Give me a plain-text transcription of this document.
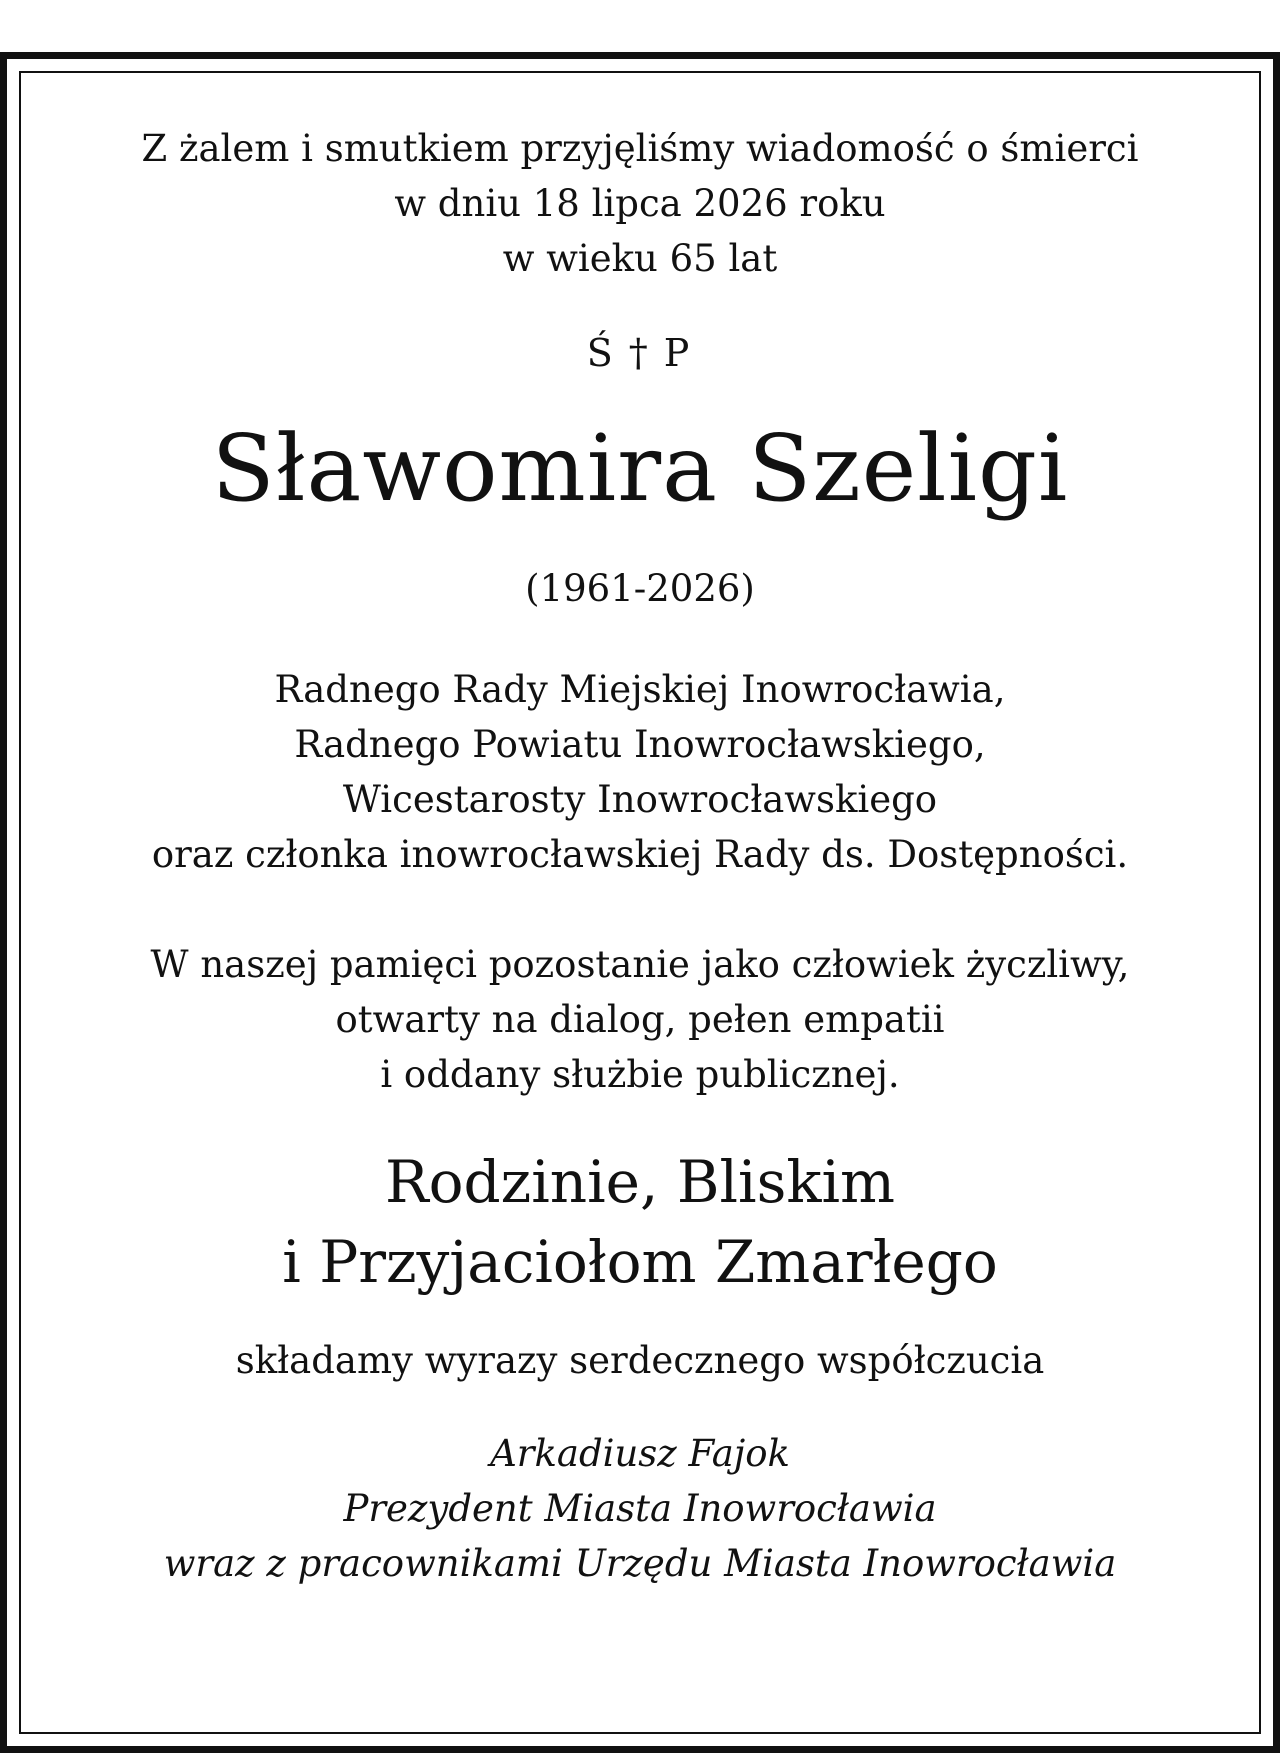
Z żalem i smutkiem przyjęliśmy wiadomość o śmierci
w dniu 18 lipca 2026 roku
w wieku 65 lat

Ś † P
Sławomira Szeligi
(1961-2026)
Radnego Rady Miejskiej Inowrocławia,
Radnego Powiatu Inowrocławskiego,
Wicestarosty Inowrocławskiego
oraz członka inowrocławskiej Rady ds. Dostępności.
W naszej pamięci pozostanie jako człowiek życzliwy,
otwarty na dialog, pełen empatii
i oddany służbie publicznej.
Rodzinie, Bliskim
i Przyjaciołom Zmarłego
składamy wyrazy serdecznego współczucia
Arkadiusz Fajok
Prezydent Miasta Inowrocławia
wraz z pracownikami Urzędu Miasta Inowrocławia
